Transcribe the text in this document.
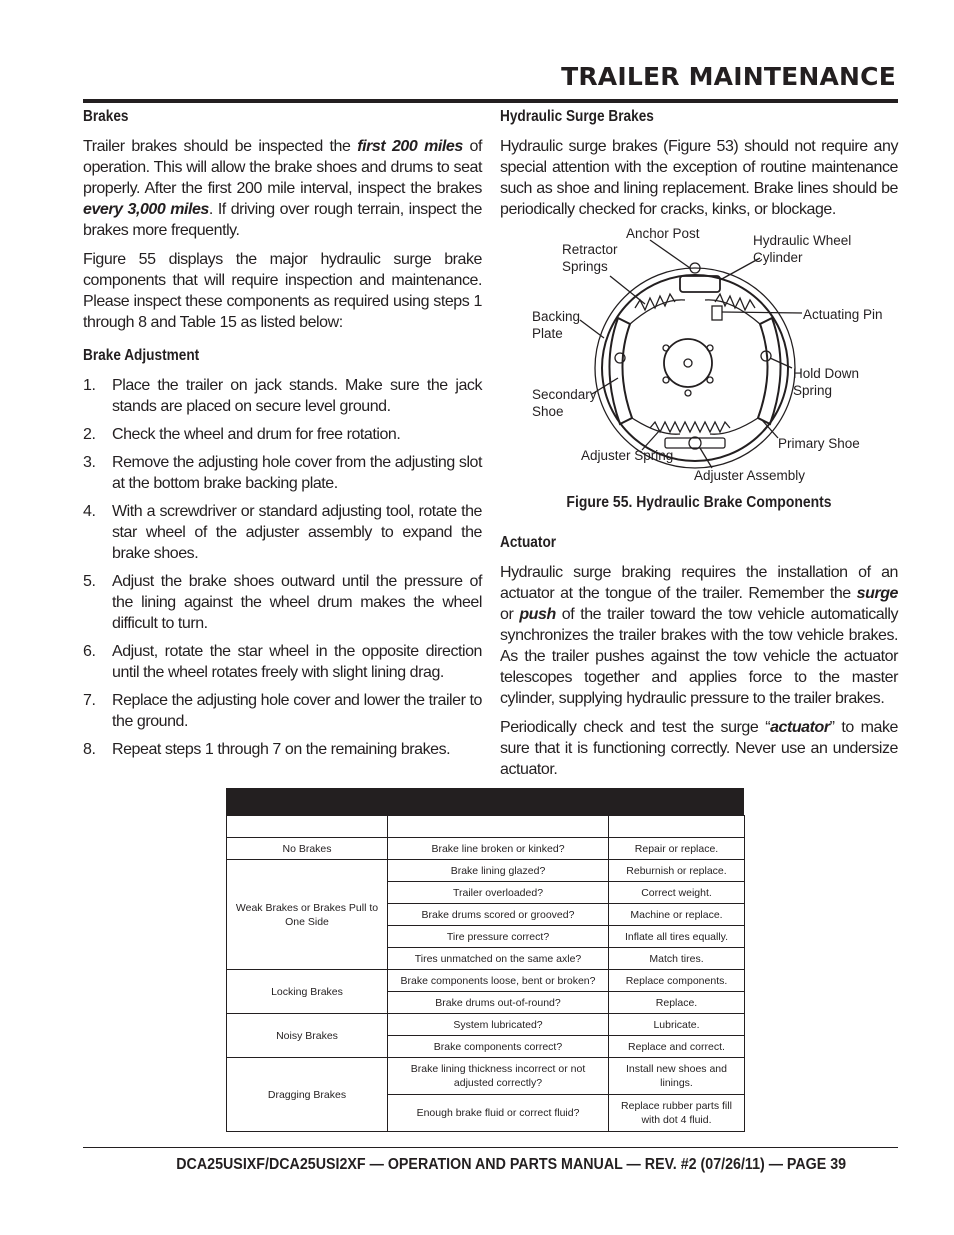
TRAILER MAINTENANCE
Brakes

Trailer brakes should be inspected the first 200 miles of operation. This will allow the brake shoes and drums to seat properly. After the first 200 mile interval, inspect the brakes every 3,000 miles. If driving over rough terrain, inspect the brakes more frequently.

Figure 55 displays the major hydraulic surge brake components that will require inspection and maintenance. Please inspect these components as required using steps 1 through 8 and Table 15 as listed below:

Brake Adjustment
1. Place the trailer on jack stands. Make sure the jack stands are placed on secure level ground.
2. Check the wheel and drum for free rotation.
3. Remove the adjusting hole cover from the adjusting slot at the bottom brake backing plate.
4. With a screwdriver or standard adjusting tool, rotate the star wheel of the adjuster assembly to expand the brake shoes.
5. Adjust the brake shoes outward until the pressure of the lining against the wheel drum makes the wheel difficult to turn.
6. Adjust, rotate the star wheel in the opposite direction until the wheel rotates freely with slight lining drag.
7. Replace the adjusting hole cover and lower the trailer to the ground.
8. Repeat steps 1 through 7 on the remaining brakes.
Hydraulic Surge Brakes

Hydraulic surge brakes (Figure 53) should not require any special attention with the exception of routine maintenance such as shoe and lining replacement. Brake lines should be periodically checked for cracks, kinks, or blockage.

Anchor Post
Retractor
Springs
Hydraulic Wheel
Cylinder
Backing
Plate
Actuating Pin
Secondary
Shoe
Hold Down
Spring
Primary Shoe
Adjuster Spring
Adjuster Assembly
Figure 55. Hydraulic Brake Components
Actuator

Hydraulic surge braking requires the installation of an actuator at the tongue of the trailer. Remember the surge or push of the trailer toward the tow vehicle automatically synchronizes the trailer brakes with the tow vehicle brakes. As the trailer pushes against the tow vehicle the actuator telescopes together and applies force to the master cylinder, supplying hydraulic pressure to the trailer brakes.

Periodically check and test the surge “actuator” to make sure that it is functioning correctly. Never use an undersize actuator.

No Brakes	Brake line broken or kinked?	Repair or replace.
Weak Brakes or Brakes Pull to One Side	Brake lining glazed?	Reburnish or replace.
	Trailer overloaded?	Correct weight.
	Brake drums scored or grooved?	Machine or replace.
	Tire pressure correct?	Inflate all tires equally.
	Tires unmatched on the same axle?	Match tires.
Locking Brakes	Brake components loose, bent or broken?	Replace components.
	Brake drums out-of-round?	Replace.
Noisy Brakes	System lubricated?	Lubricate.
	Brake components correct?	Replace and correct.
Dragging Brakes	Brake lining thickness incorrect or not adjusted correctly?	Install new shoes and linings.
	Enough brake fluid or correct fluid?	Replace rubber parts fill with dot 4 fluid.

DCA25USIXF/DCA25USI2XF — OPERATION AND PARTS MANUAL — REV. #2 (07/26/11) — PAGE 39
